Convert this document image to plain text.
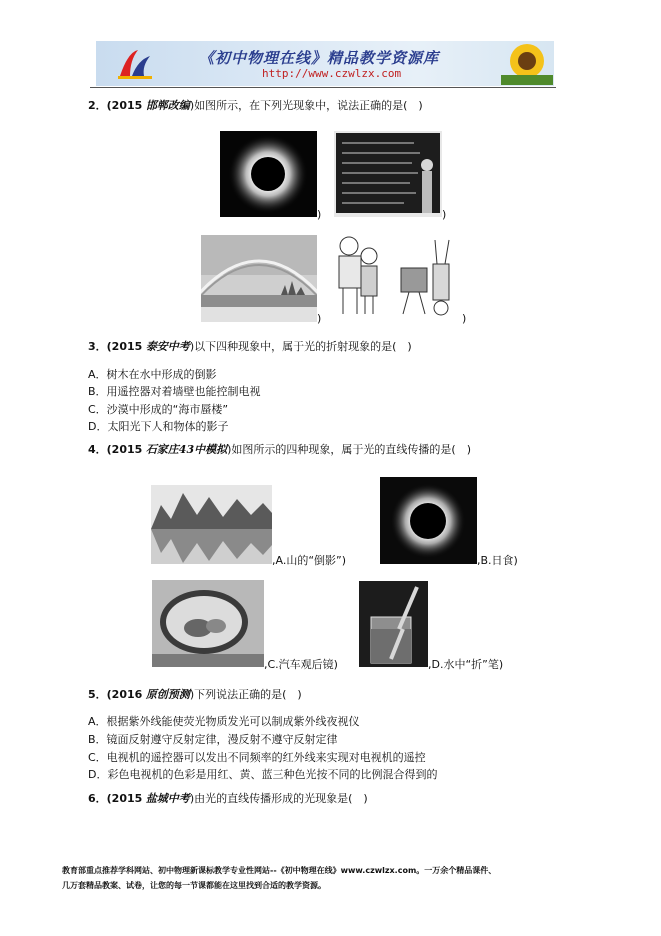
《初中物理在线》精品教学资源库
http://www.czwlzx.com
2．(2015 邯郸改编)如图所示，在下列光现象中，说法正确的是(　)
)	)
)	)
3．(2015 泰安中考)以下四种现象中，属于光的折射现象的是(　)
A．树木在水中形成的倒影
B．用遥控器对着墙壁也能控制电视
C．沙漠中形成的“海市蜃楼”
D．太阳光下人和物体的影子
4．(2015 石家庄43中模拟)如图所示的四种现象，属于光的直线传播的是(　)
,A.山的“倒影”)	,B.日食)
,C.汽车观后镜)	,D.水中“折”笔)
5．(2016 原创预测)下列说法正确的是(　)
A．根据紫外线能使荧光物质发光可以制成紫外线夜视仪
B．镜面反射遵守反射定律，漫反射不遵守反射定律
C．电视机的遥控器可以发出不同频率的红外线来实现对电视机的遥控
D．彩色电视机的色彩是用红、黄、蓝三种色光按不同的比例混合得到的
6．(2015 盐城中考)由光的直线传播形成的光现象是(　)
教育部重点推荐学科网站、初中物理新课标教学专业性网站--《初中物理在线》www.czwlzx.com。一万余个精品课件、
几万套精品教案、试卷，让您的每一节课都能在这里找到合适的教学资源。
